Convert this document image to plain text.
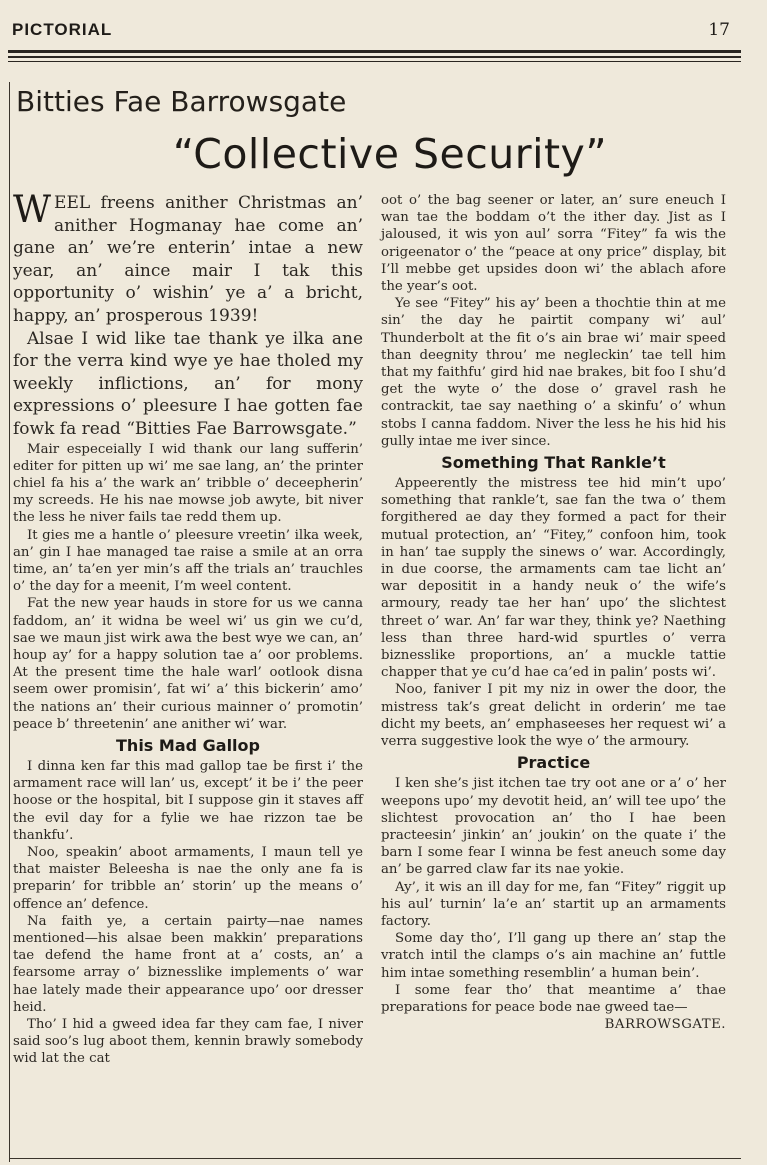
PICTORIAL	17
Bitties Fae Barrowsgate
“Collective Security”

WEEL freens anither Christmas an’ anither Hogmanay hae come an’ gane an’ we’re enterin’ intae a new year, an’ aince mair I tak this opportunity o’ wishin’ ye a’ a bricht, happy, an’ prosperous 1939!

Alsae I wid like tae thank ye ilka ane for the verra kind wye ye hae tholed my weekly inflictions, an’ for mony expressions o’ pleesure I hae gotten fae fowk fa read “Bitties Fae Barrowsgate.”

Mair especeially I wid thank our lang sufferin’ editer for pitten up wi’ me sae lang, an’ the printer chiel fa his a’ the wark an’ tribble o’ deceepherin’ my screeds. He his nae mowse job awyte, bit niver the less he niver fails tae redd them up.

It gies me a hantle o’ pleesure vreetin’ ilka week, an’ gin I hae managed tae raise a smile at an orra time, an’ ta’en yer min’s aff the trials an’ trauchles o’ the day for a meenit, I’m weel content.

Fat the new year hauds in store for us we canna faddom, an’ it widna be weel wi’ us gin we cu’d, sae we maun jist wirk awa the best wye we can, an’ houp ay’ for a happy solution tae a’ oor problems. At the present time the hale warl’ ootlook disna seem ower promisin’, fat wi’ a’ this bickerin’ amo’ the nations an’ their curious mainner o’ promotin’ peace b’ threetenin’ ane anither wi’ war.

This Mad Gallop

I dinna ken far this mad gallop tae be first i’ the armament race will lan’ us, except’ it be i’ the peer hoose or the hospital, bit I suppose gin it staves aff the evil day for a fylie we hae rizzon tae be thankfu’.

Noo, speakin’ aboot armaments, I maun tell ye that maister Beleesha is nae the only ane fa is preparin’ for tribble an’ storin’ up the means o’ offence an’ defence.

Na faith ye, a certain pairty—nae names mentioned—his alsae been makkin’ preparations tae defend the hame front at a’ costs, an’ a fearsome array o’ biznesslike implements o’ war hae lately made their appearance upo’ oor dresser heid.

Tho’ I hid a gweed idea far they cam fae, I niver said soo’s lug aboot them, kennin brawly somebody wid lat the cat

oot o’ the bag seener or later, an’ sure eneuch I wan tae the boddam o’t the ither day. Jist as I jaloused, it wis yon aul’ sorra “Fitey” fa wis the origeenator o’ the “peace at ony price” display, bit I’ll mebbe get upsides doon wi’ the ablach afore the year’s oot.

Ye see “Fitey” his ay’ been a thochtie thin at me sin’ the day he pairtit company wi’ aul’ Thunderbolt at the fit o’s ain brae wi’ mair speed than deegnity throu’ me negleckin’ tae tell him that my faithfu’ gird hid nae brakes, bit foo I shu’d get the wyte o’ the dose o’ gravel rash he contrackit, tae say naething o’ a skinfu’ o’ whun stobs I canna faddom. Niver the less he his hid his gully intae me iver since.

Something That Rankle’t

Appeerently the mistress tee hid min’t upo’ something that rankle’t, sae fan the twa o’ them forgithered ae day they formed a pact for their mutual protection, an’ “Fitey,” confoon him, took in han’ tae supply the sinews o’ war. Accordingly, in due coorse, the armaments cam tae licht an’ war depositit in a handy neuk o’ the wife’s armoury, ready tae her han’ upo’ the slichtest threet o’ war. An’ far war they, think ye? Naething less than three hard-wid spurtles o’ verra biznesslike proportions, an’ a muckle tattie chapper that ye cu’d hae ca’ed in palin’ posts wi’.

Noo, faniver I pit my niz in ower the door, the mistress tak’s great delicht in orderin’ me tae dicht my beets, an’ emphaseeses her request wi’ a verra suggestive look the wye o’ the armoury.

Practice

I ken she’s jist itchen tae try oot ane or a’ o’ her weepons upo’ my devotit heid, an’ will tee upo’ the slichtest provocation an’ tho I hae been practeesin’ jinkin’ an’ joukin’ on the quate i’ the barn I some fear I winna be fest aneuch some day an’ be garred claw far its nae yokie.

Ay’, it wis an ill day for me, fan “Fitey” riggit up his aul’ turnin’ la’e an’ startit up an armaments factory.

Some day tho’, I’ll gang up there an’ stap the vratch intil the clamps o’s ain machine an’ futtle him intae something resemblin’ a human bein’.

I some fear tho’ that meantime a’ thae preparations for peace bode nae gweed tae—
BARROWSGATE.
